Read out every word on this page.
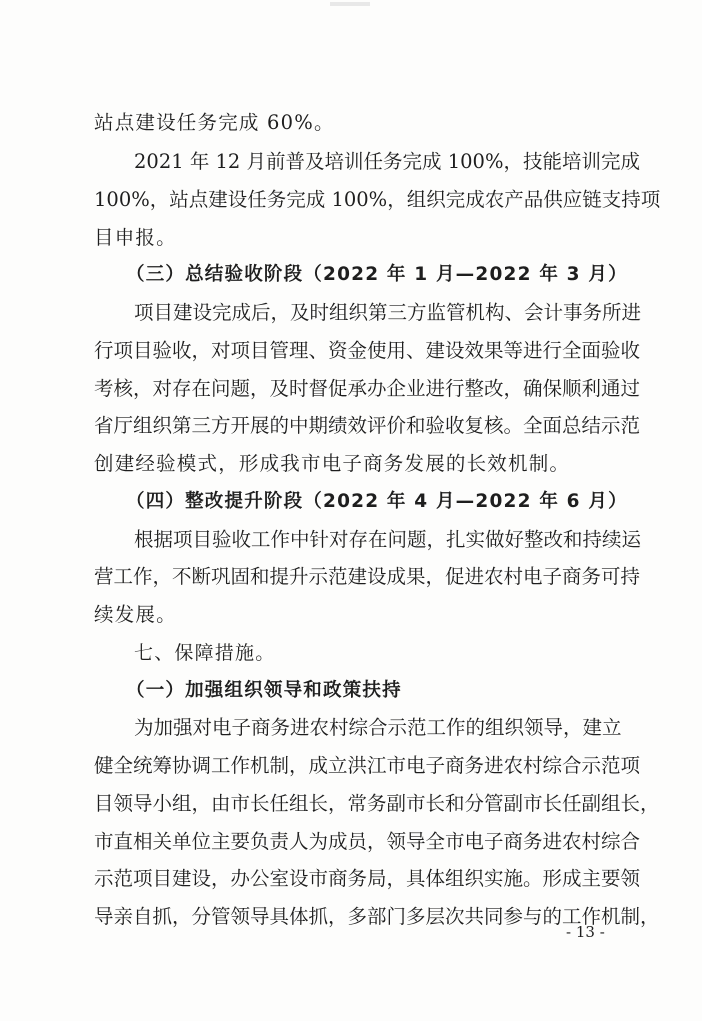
站点建设任务完成 60%。
2021 年 12 月前普及培训任务完成 100%，技能培训完成
100%，站点建设任务完成 100%，组织完成农产品供应链支持项
目申报。
（三）总结验收阶段（2022 年 1 月—2022 年 3 月）
项目建设完成后，及时组织第三方监管机构、会计事务所进
行项目验收，对项目管理、资金使用、建设效果等进行全面验收
考核，对存在问题，及时督促承办企业进行整改，确保顺利通过
省厅组织第三方开展的中期绩效评价和验收复核。全面总结示范
创建经验模式，形成我市电子商务发展的长效机制。
（四）整改提升阶段（2022 年 4 月—2022 年 6 月）
根据项目验收工作中针对存在问题，扎实做好整改和持续运
营工作，不断巩固和提升示范建设成果，促进农村电子商务可持
续发展。
七、保障措施。
（一）加强组织领导和政策扶持
为加强对电子商务进农村综合示范工作的组织领导，建立
健全统筹协调工作机制，成立洪江市电子商务进农村综合示范项
目领导小组，由市长任组长，常务副市长和分管副市长任副组长，
市直相关单位主要负责人为成员，领导全市电子商务进农村综合
示范项目建设，办公室设市商务局，具体组织实施。形成主要领
导亲自抓，分管领导具体抓，多部门多层次共同参与的工作机制，
- 13 -
